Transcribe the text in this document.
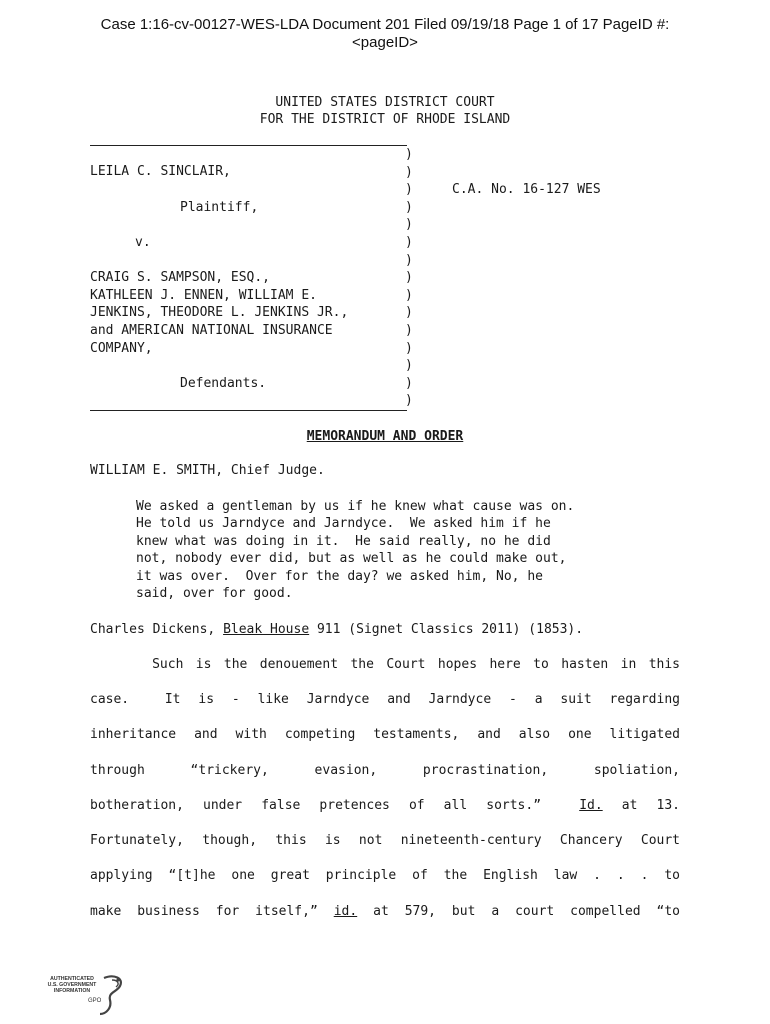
Case 1:16-cv-00127-WES-LDA Document 201 Filed 09/19/18 Page 1 of 17 PageID #:
<pageID>
UNITED STATES DISTRICT COURT
FOR THE DISTRICT OF RHODE ISLAND
)
)
)
)
)
)
)
)
)
)
)
)
)
)
)
LEILA C. SINCLAIR,
Plaintiff,
v.
CRAIG S. SAMPSON, ESQ.,
KATHLEEN J. ENNEN, WILLIAM E.
JENKINS, THEODORE L. JENKINS JR.,
and AMERICAN NATIONAL INSURANCE
COMPANY,
Defendants.
C.A. No. 16-127 WES
MEMORANDUM AND ORDER
WILLIAM E. SMITH, Chief Judge.
We asked a gentleman by us if he knew what cause was on.
He told us Jarndyce and Jarndyce.  We asked him if he
knew what was doing in it.  He said really, no he did
not, nobody ever did, but as well as he could make out,
it was over.  Over for the day? we asked him, No, he
said, over for good.
Charles Dickens, Bleak House 911 (Signet Classics 2011) (1853).
Such is the denouement the Court hopes here to hasten in this
case.  It is - like Jarndyce and Jarndyce - a suit regarding
inheritance and with competing testaments, and also one litigated
through  “trickery,  evasion,  procrastination,  spoliation,
botheration, under false pretences of all sorts.”  Id. at 13.
Fortunately, though, this is not nineteenth-century Chancery Court
applying “[t]he one great principle of the English law . . . to
make business for itself,” id. at 579, but a court compelled “to
AUTHENTICATED
U.S. GOVERNMENT
INFORMATION
GPO
